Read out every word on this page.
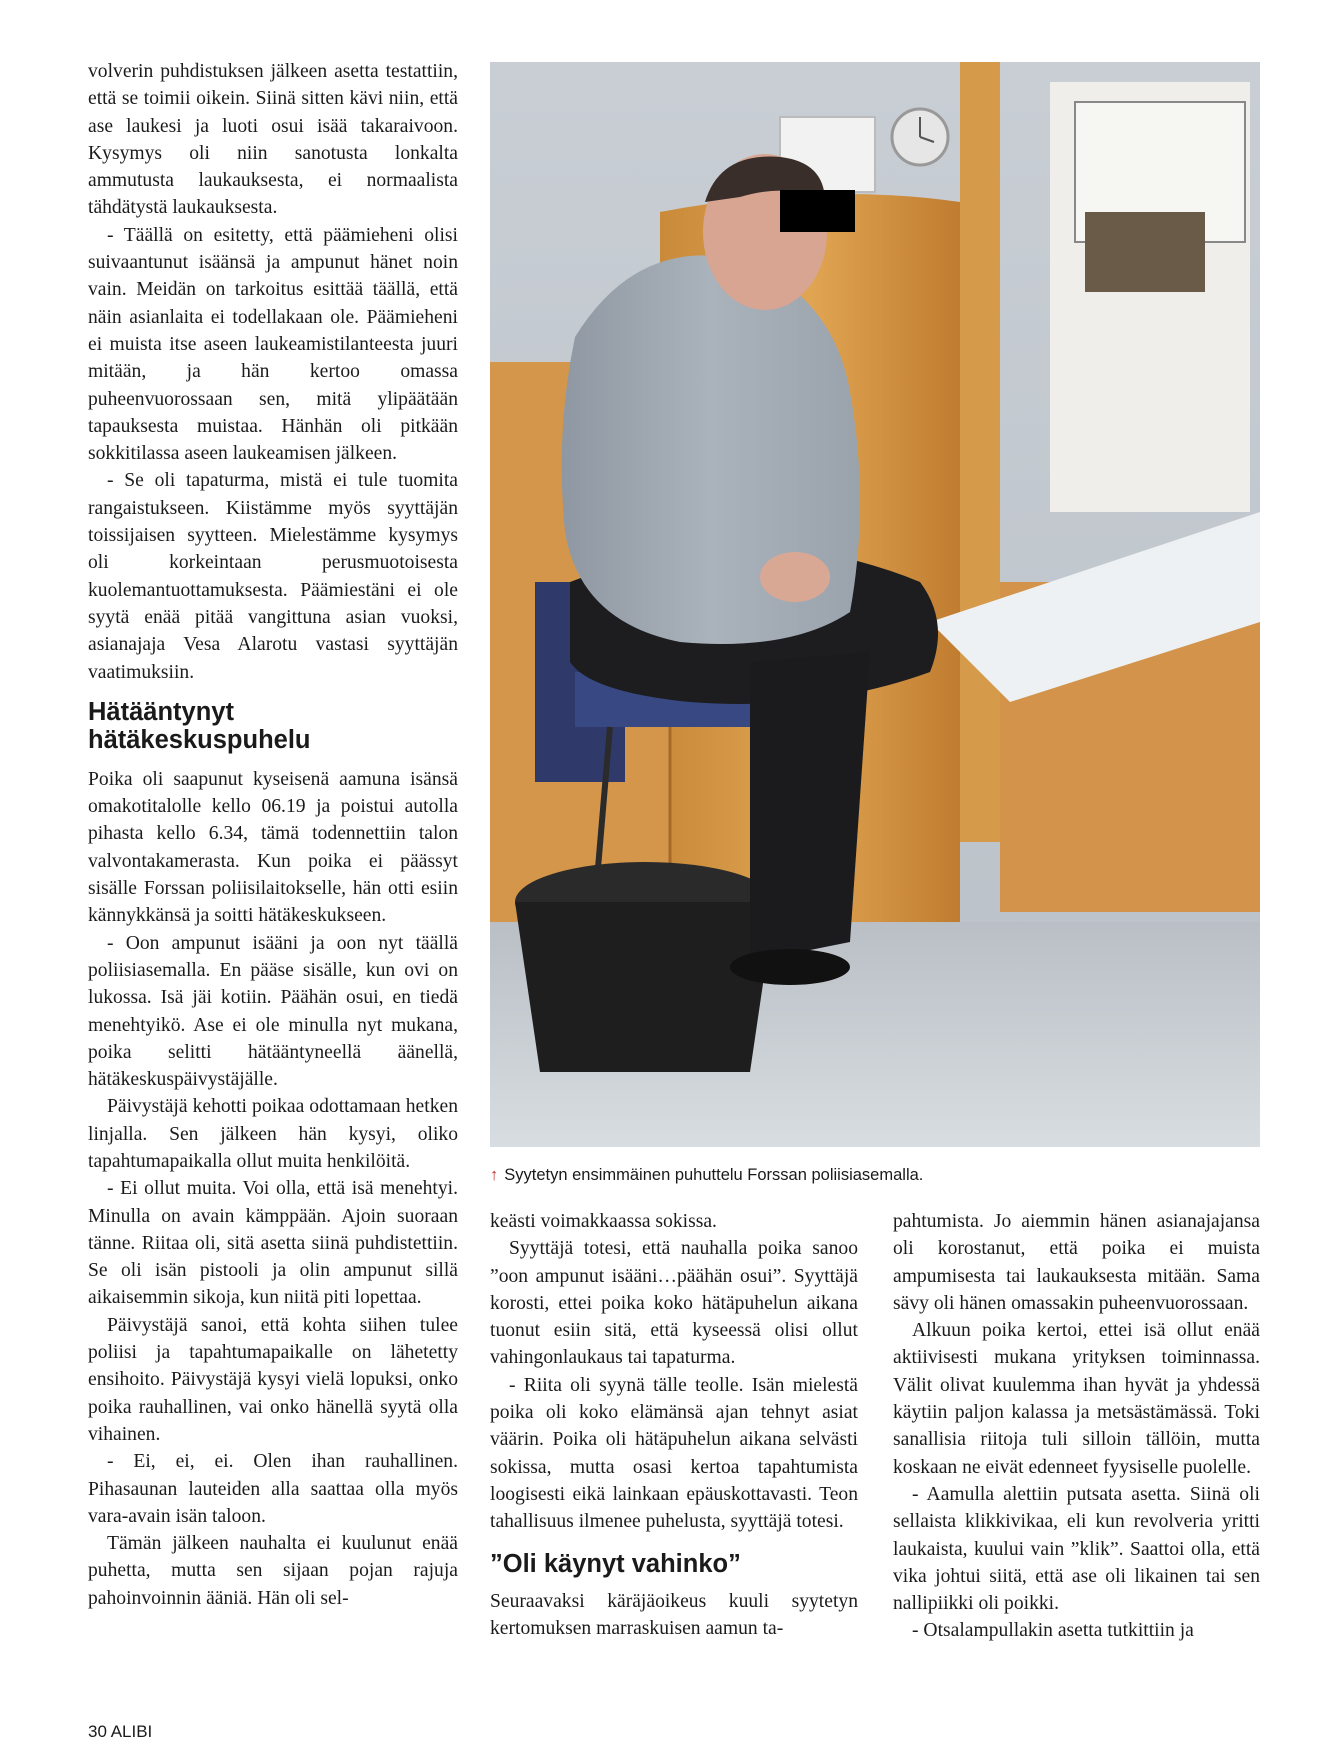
volverin puhdistuksen jälkeen asetta testattiin, että se toimii oikein. Siinä sitten kävi niin, että ase laukesi ja luoti osui isää takaraivoon. Kysymys oli niin sanotusta lonkalta ammutusta laukauksesta, ei normaalista tähdätystä laukauksesta.

- Täällä on esitetty, että päämieheni olisi suivaantunut isäänsä ja ampunut hänet noin vain. Meidän on tarkoitus esittää täällä, että näin asianlaita ei todellakaan ole. Päämieheni ei muista itse aseen laukeamistilanteesta juuri mitään, ja hän kertoo omassa puheenvuorossaan sen, mitä ylipäätään tapauksesta muistaa. Hänhän oli pitkään sokkitilassa aseen laukeamisen jälkeen.

- Se oli tapaturma, mistä ei tule tuomita rangaistukseen. Kiistämme myös syyttäjän toissijaisen syytteen. Mielestämme kysymys oli korkeintaan perusmuotoisesta kuolemantuottamuksesta. Päämiestäni ei ole syytä enää pitää vangittuna asian vuoksi, asianajaja Vesa Alarotu vastasi syyttäjän vaatimuksiin.

Hätääntynyt hätäkeskuspuhelu

Poika oli saapunut kyseisenä aamuna isänsä omakotitalolle kello 06.19 ja poistui autolla pihasta kello 6.34, tämä todennettiin talon valvontakamerasta. Kun poika ei päässyt sisälle Forssan poliisilaitokselle, hän otti esiin kännykkänsä ja soitti hätäkeskukseen.

- Oon ampunut isääni ja oon nyt täällä poliisiasemalla. En pääse sisälle, kun ovi on lukossa. Isä jäi kotiin. Päähän osui, en tiedä menehtyikö. Ase ei ole minulla nyt mukana, poika selitti hätääntyneellä äänellä, hätäkeskuspäivystäjälle.

Päivystäjä kehotti poikaa odottamaan hetken linjalla. Sen jälkeen hän kysyi, oliko tapahtumapaikalla ollut muita henkilöitä.

- Ei ollut muita. Voi olla, että isä menehtyi. Minulla on avain kämppään. Ajoin suoraan tänne. Riitaa oli, sitä asetta siinä puhdistettiin. Se oli isän pistooli ja olin ampunut sillä aikaisemmin sikoja, kun niitä piti lopettaa.

Päivystäjä sanoi, että kohta siihen tulee poliisi ja tapahtumapaikalle on lähetetty ensihoito. Päivystäjä kysyi vielä lopuksi, onko poika rauhallinen, vai onko hänellä syytä olla vihainen.

- Ei, ei, ei. Olen ihan rauhallinen. Pihasaunan lauteiden alla saattaa olla myös vara-avain isän taloon.

Tämän jälkeen nauhalta ei kuulunut enää puhetta, mutta sen sijaan pojan rajuja pahoinvoinnin ääniä. Hän oli sel-

↑ Syytetyn ensimmäinen puhuttelu Forssan poliisiasemalla.

keästi voimakkaassa sokissa.

Syyttäjä totesi, että nauhalla poika sanoo ”oon ampunut isääni…päähän osui”. Syyttäjä korosti, ettei poika koko hätäpuhelun aikana tuonut esiin sitä, että kyseessä olisi ollut vahingonlaukaus tai tapaturma.

- Riita oli syynä tälle teolle. Isän mielestä poika oli koko elämänsä ajan tehnyt asiat väärin. Poika oli hätäpuhelun aikana selvästi sokissa, mutta osasi kertoa tapahtumista loogisesti eikä lainkaan epäuskottavasti. Teon tahallisuus ilmenee puhelusta, syyttäjä totesi.

”Oli käynyt vahinko”

Seuraavaksi käräjäoikeus kuuli syytetyn kertomuksen marraskuisen aamun ta-

pahtumista. Jo aiemmin hänen asianajajansa oli korostanut, että poika ei muista ampumisesta tai laukauksesta mitään. Sama sävy oli hänen omassakin puheenvuorossaan.

Alkuun poika kertoi, ettei isä ollut enää aktiivisesti mukana yrityksen toiminnassa. Välit olivat kuulemma ihan hyvät ja yhdessä käytiin paljon kalassa ja metsästämässä. Toki sanallisia riitoja tuli silloin tällöin, mutta koskaan ne eivät edenneet fyysiselle puolelle.

- Aamulla alettiin putsata asetta. Siinä oli sellaista klikkivikaa, eli kun revolveria yritti laukaista, kuului vain ”klik”. Saattoi olla, että vika johtui siitä, että ase oli likainen tai sen nallipiikki oli poikki.

- Otsalampullakin asetta tutkittiin ja

30 ALIBI
